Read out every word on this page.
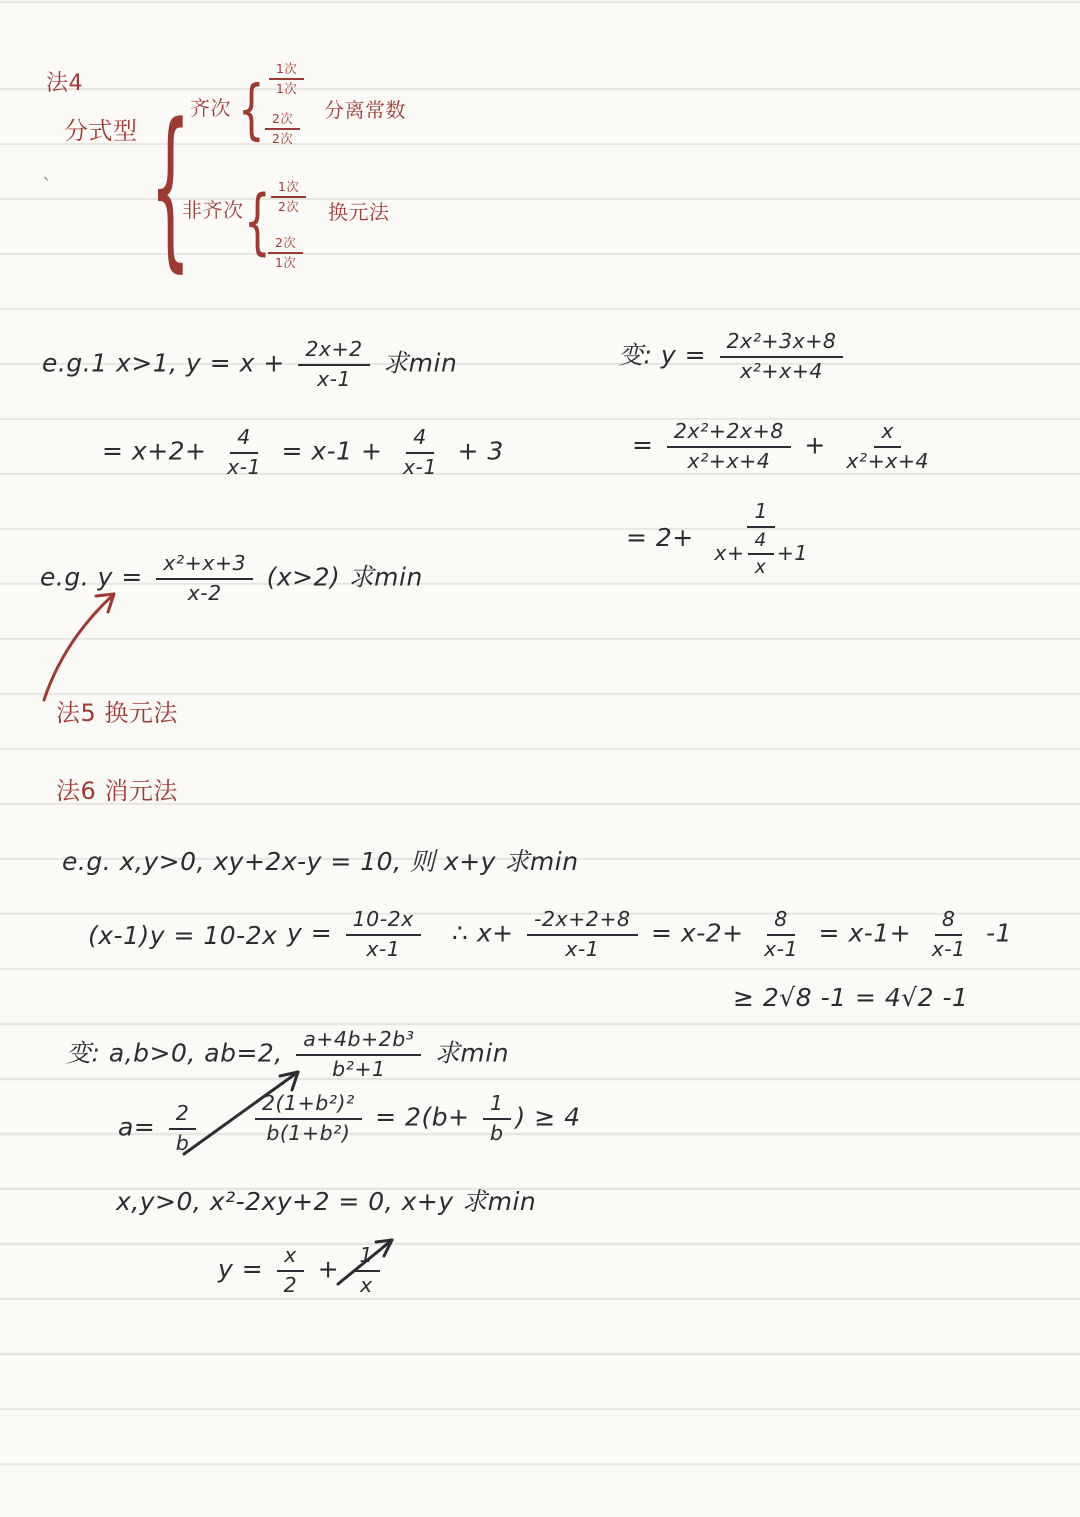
法4
分式型
`
{
{
{
齐次
1次
1次
2次
2次
分离常数
非齐次
1次
2次
2次
1次
换元法
e.g.1 x>1, $y = x + \frac{2x+2}{x-1}$ 求min
= $x+2+ \frac{4}{x-1} = x-1 + \frac{4}{x-1} + 3$
变: $y = \frac{\text{2x²+3x+8}}{\text{x²+x+4}}$
= $\frac{\text{2x²+2x+8}}{\text{x²+x+4}} + \frac{x}{\text{x²+x+4}}$
= $2+ \frac{1}{x+ \frac{4}{x} +1}$
e.g. $y = \frac{\text{x²+x+3}}{x-2} (x>2)$ 求min
法5 换元法
法6 消元法
e.g. x,y>0, xy+2x-y = 10, 则 x+y 求min
(x-1)y = 10-2x $y = \frac{10-2x}{x-1}$ ∴ $x+ \frac{-2x+2+8}{x-1} = x-2+ \frac{8}{x-1} = x-1+ \frac{8}{x-1} -1$
≥ 2√8 -1 = 4√2 -1
变: a,b>0, ab=2, $\frac{\text{a+4b+2b³}}{\text{b²+1}}$ 求min
$a= \frac{2}{b}$	$\frac{\text{2(1+b²)²}}{\text{b(1+b²)}} = 2(b+ \frac{1}{b}$ ) ≥ 4
x,y>0, x²-2xy+2 = 0, x+y 求min
$y = \frac{x}{2} + \frac{1}{x}$
